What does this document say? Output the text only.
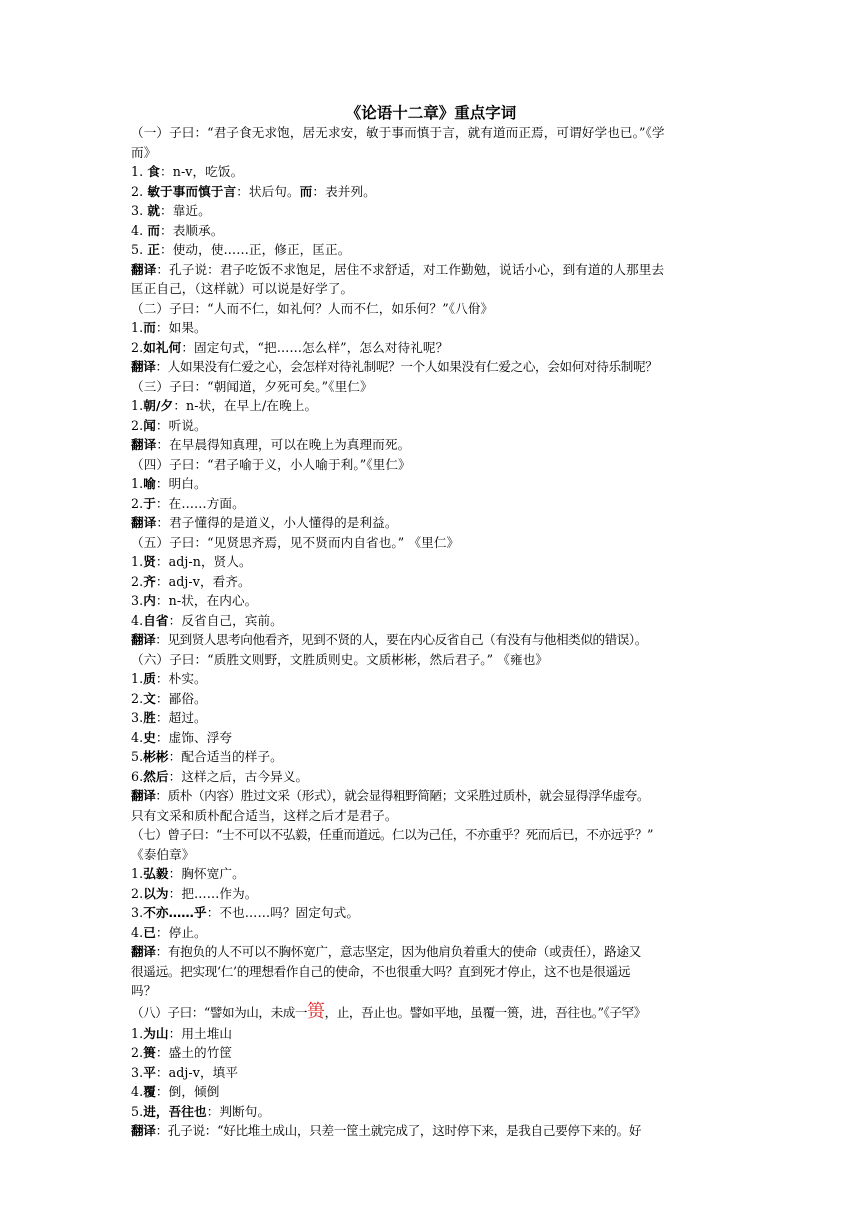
《论语十二章》重点字词
（一）子曰：“君子食无求饱，居无求安，敏于事而慎于言，就有道而正焉，可谓好学也已。”《学
而》
1. 食：n-v，吃饭。
2. 敏于事而慎于言：状后句。而：表并列。
3. 就：靠近。
4. 而：表顺承。
5. 正：使动，使……正，修正，匡正。
翻译：孔子说：君子吃饭不求饱足，居住不求舒适，对工作勤勉，说话小心，到有道的人那里去
匡正自己，（这样就）可以说是好学了。
（二）子曰：“人而不仁，如礼何？人而不仁，如乐何？”《八佾》
1.而：如果。
2.如礼何：固定句式，“把……怎么样”，怎么对待礼呢？
翻译：人如果没有仁爱之心，会怎样对待礼制呢？一个人如果没有仁爱之心，会如何对待乐制呢？
（三）子曰：“朝闻道，夕死可矣。”《里仁》
1.朝/夕：n-状，在早上/在晚上。
2.闻：听说。
翻译：在早晨得知真理，可以在晚上为真理而死。
（四）子曰：“君子喻于义，小人喻于利。”《里仁》
1.喻：明白。
2.于：在……方面。
翻译：君子懂得的是道义，小人懂得的是利益。
（五）子曰：“见贤思齐焉，见不贤而内自省也。” 《里仁》
1.贤：adj-n，贤人。
2.齐：adj-v，看齐。
3.内：n-状，在内心。
4.自省：反省自己，宾前。
翻译：见到贤人思考向他看齐，见到不贤的人，要在内心反省自己（有没有与他相类似的错误）。
（六）子曰：“质胜文则野，文胜质则史。文质彬彬，然后君子。” 《雍也》
1.质：朴实。
2.文：鄙俗。
3.胜：超过。
4.史：虚饰、浮夸
5.彬彬：配合适当的样子。
6.然后：这样之后，古今异义。
翻译：质朴（内容）胜过文采（形式），就会显得粗野简陋；文采胜过质朴，就会显得浮华虚夸。
只有文采和质朴配合适当，这样之后才是君子。
（七）曾子曰：“士不可以不弘毅，任重而道远。仁以为己任，不亦重乎？死而后已，不亦远乎？”
《泰伯章》
1.弘毅：胸怀宽广。
2.以为：把……作为。
3.不亦……乎：不也……吗？固定句式。
4.已：停止。
翻译：有抱负的人不可以不胸怀宽广，意志坚定，因为他肩负着重大的使命（或责任），路途又
很遥远。把实现‘仁’的理想看作自己的使命，不也很重大吗？直到死才停止，这不也是很遥远
吗？
（八）子曰：“譬如为山，未成一篑，止，吾止也。譬如平地，虽覆一篑，进，吾往也。”《子罕》
1.为山：用土堆山
2.篑：盛土的竹筐
3.平：adj-v，填平
4.覆：倒，倾倒
5.进，吾往也：判断句。
翻译：孔子说：“好比堆土成山，只差一筐土就完成了，这时停下来，是我自己要停下来的。好
